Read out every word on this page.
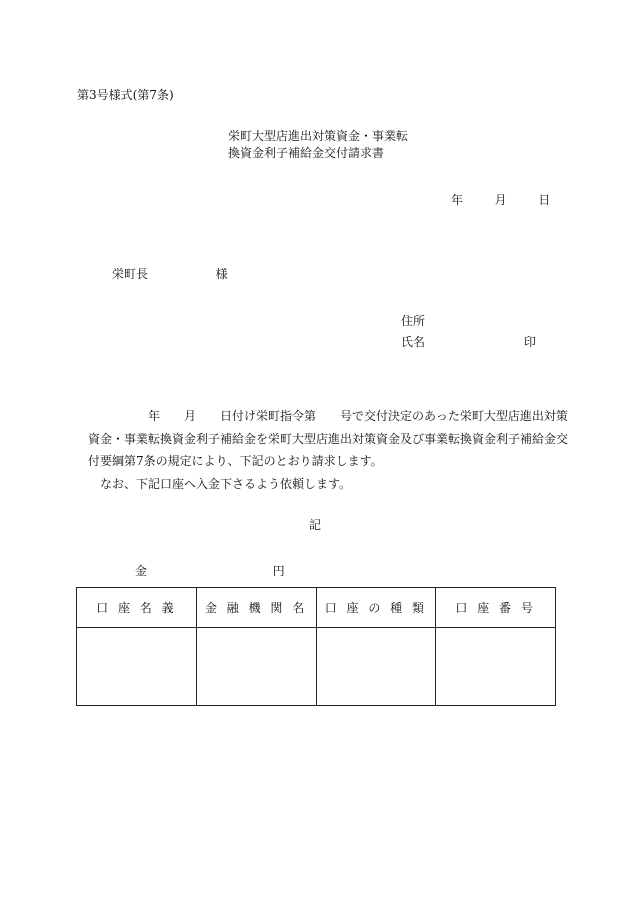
第3号様式(第7条)
栄町大型店進出対策資金・事業転
換資金利子補給金交付請求書
年	月	日
栄町長	様
住所
氏名	印

年 月 日付け栄町指令第 号で交付決定のあった栄町大型店進出対策資金・事業転換資金利子補給金を栄町大型店進出対策資金及び事業転換資金利子補給金交付要綱第7条の規定により、下記のとおり請求します。

なお、下記口座へ入金下さるよう依頼します。

記
金	円
口 座 名 義	金 融 機 関 名	口 座 の 種 類	口 座 番 号
